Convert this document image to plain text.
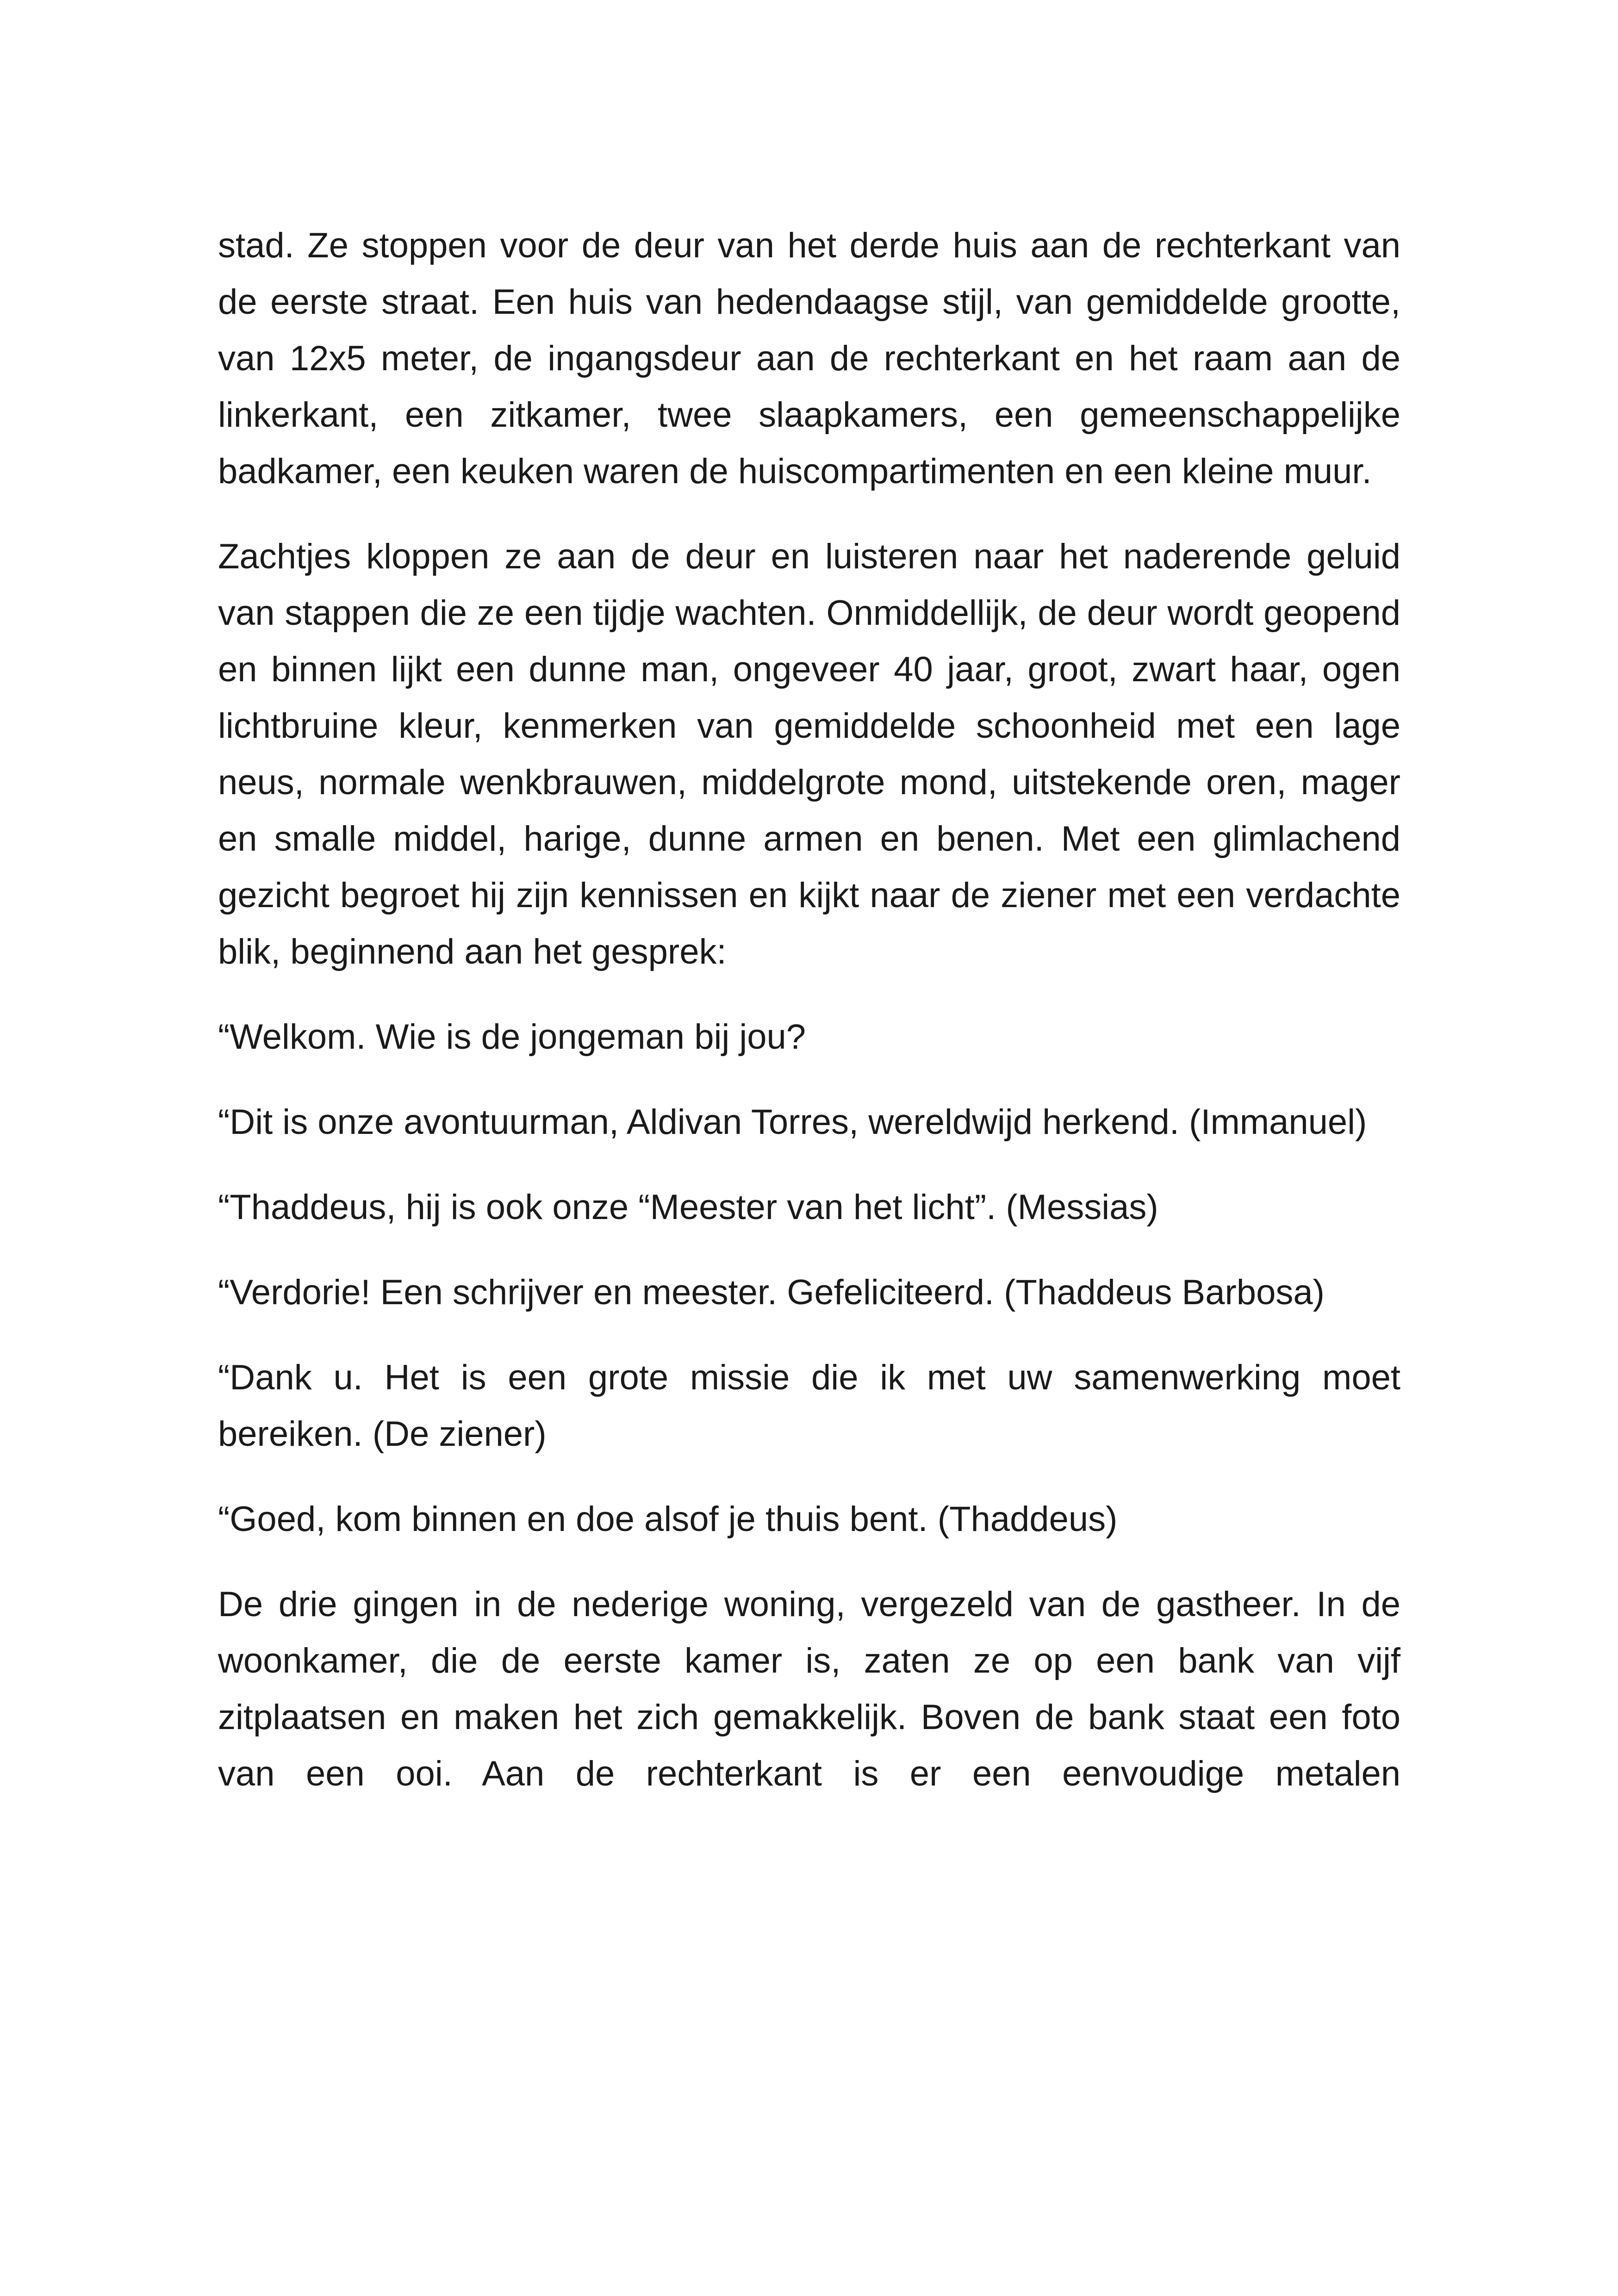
stad. Ze stoppen voor de deur van het derde huis aan de rechterkant van de eerste straat. Een huis van hedendaagse stijl, van gemiddelde grootte, van 12x5 meter, de ingangsdeur aan de rechterkant en het raam aan de linkerkant, een zitkamer, twee slaapkamers, een gemeenschappelijke badkamer, een keuken waren de huiscompartimenten en een kleine muur.

Zachtjes kloppen ze aan de deur en luisteren naar het naderende geluid van stappen die ze een tijdje wachten. Onmiddellijk, de deur wordt geopend en binnen lijkt een dunne man, ongeveer 40 jaar, groot, zwart haar, ogen lichtbruine kleur, kenmerken van gemiddelde schoonheid met een lage neus, normale wenkbrauwen, middelgrote mond, uitstekende oren, mager en smalle middel, harige, dunne armen en benen. Met een glimlachend gezicht begroet hij zijn kennissen en kijkt naar de ziener met een verdachte blik, beginnend aan het gesprek:

“Welkom. Wie is de jongeman bij jou?

“Dit is onze avontuurman, Aldivan Torres, wereldwijd herkend. (Immanuel)

“Thaddeus, hij is ook onze “Meester van het licht”. (Messias)

“Verdorie! Een schrijver en meester. Gefeliciteerd. (Thaddeus Barbosa)

“Dank u. Het is een grote missie die ik met uw samenwerking moet bereiken. (De ziener)

“Goed, kom binnen en doe alsof je thuis bent. (Thaddeus)

De drie gingen in de nederige woning, vergezeld van de gastheer. In de woonkamer, die de eerste kamer is, zaten ze op een bank van vijf zitplaatsen en maken het zich gemakkelijk. Boven de bank staat een foto van een ooi. Aan de rechterkant is er een eenvoudige metalen
